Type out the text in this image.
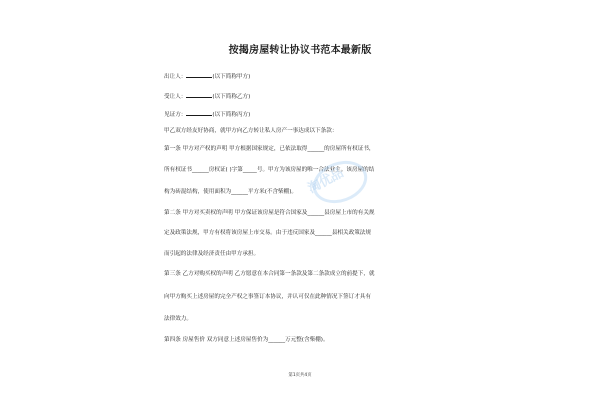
按揭房屋转让协议书范本最新版
出让人：	(以下简称甲方)
受让人：	(以下简称乙方)
见证方：	(以下简称丙方)
甲乙双方经友好协商，就甲方向乙方转让私人房产一事达成以下条款：
第一条 甲方对产权的声明 甲方根据国家规定，已依法取得______的房屋所有权证书，
所有权证书______房权证( )字第_____号。甲方为该房屋的唯一合法业主。该房屋的结
构为砖混结构，使用面积为______平方米(不含柴棚)。
第二条 甲方对买卖权的声明 甲方保证该房屋是符合国家及______县房屋上市的有关规
定及政策法规，甲方有权将该房屋上市交易。由于违反国家及______县相关政策法规
而引起的法律及经济责任由甲方承担。
第三条 乙方对购买权的声明 乙方愿意在本合同第一条款及第二条款成立的前提下，就
向甲方购买上述房屋的完全产权之事签订本协议，并认可仅在此种情况下签订才具有
法律效力。
第四条 房屋售价 双方同意上述房屋售价为______万元整(含柴棚)。
淘优品
第1页共4页
